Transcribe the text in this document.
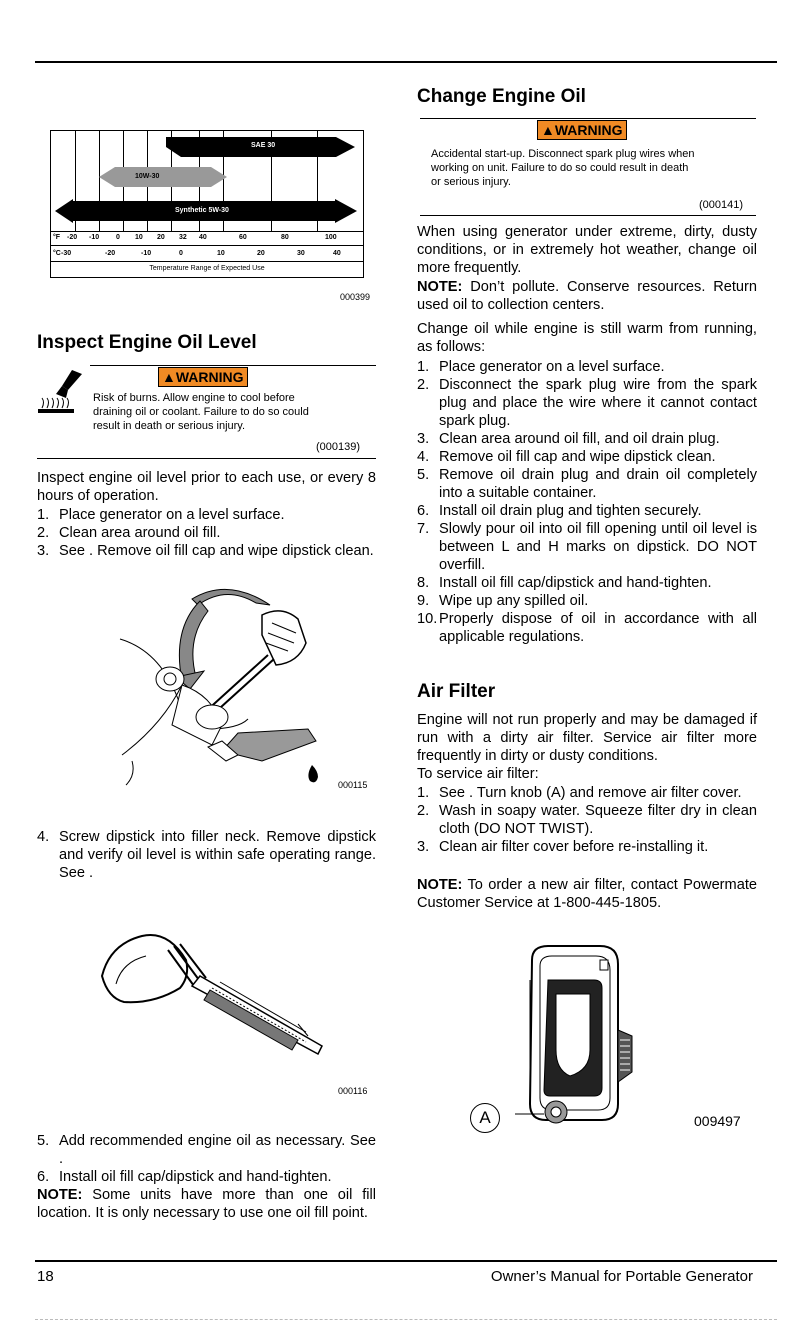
SAE 30
10W-30
Synthetic 5W-30
°F -20 -10 0 10 20 32 40	60	80	100
°C -30	-20	-10	0	10	20	30	40
Temperature Range of Expected Use
000399
Inspect Engine Oil Level
▲WARNING
Risk of burns. Allow engine to cool before
draining oil or coolant. Failure to do so could
result in death or serious injury.
(000139)
Inspect engine oil level prior to each use, or every 8 hours of operation.
1. Place generator on a level surface.
2. Clean area around oil fill.
3. See . Remove oil fill cap and wipe dipstick clean.
000115
4. Screw dipstick into filler neck. Remove dipstick and verify oil level is within safe operating range. See .
000116
5. Add recommended engine oil as necessary. See .
6. Install oil fill cap/dipstick and hand-tighten.
NOTE: Some units have more than one oil fill location. It is only necessary to use one oil fill point.
Change Engine Oil
▲WARNING
Accidental start-up. Disconnect spark plug wires when
working on unit. Failure to do so could result in death
or serious injury.
(000141)
When using generator under extreme, dirty, dusty conditions, or in extremely hot weather, change oil more frequently.
NOTE: Don’t pollute. Conserve resources. Return used oil to collection centers.
Change oil while engine is still warm from running, as follows:
1. Place generator on a level surface.
2. Disconnect the spark plug wire from the spark plug and place the wire where it cannot contact spark plug.
3. Clean area around oil fill, and oil drain plug.
4. Remove oil fill cap and wipe dipstick clean.
5. Remove oil drain plug and drain oil completely into a suitable container.
6. Install oil drain plug and tighten securely.
7. Slowly pour oil into oil fill opening until oil level is between L and H marks on dipstick. DO NOT overfill.
8. Install oil fill cap/dipstick and hand-tighten.
9. Wipe up any spilled oil.
10. Properly dispose of oil in accordance with all applicable regulations.
Air Filter
Engine will not run properly and may be damaged if run with a dirty air filter. Service air filter more frequently in dirty or dusty conditions.
To service air filter:
1. See . Turn knob (A) and remove air filter cover.
2. Wash in soapy water. Squeeze filter dry in clean cloth (DO NOT TWIST).
3. Clean air filter cover before re-installing it.
NOTE: To order a new air filter, contact Powermate Customer Service at 1-800-445-1805.
A	009497
18	Owner’s Manual for Portable Generator
